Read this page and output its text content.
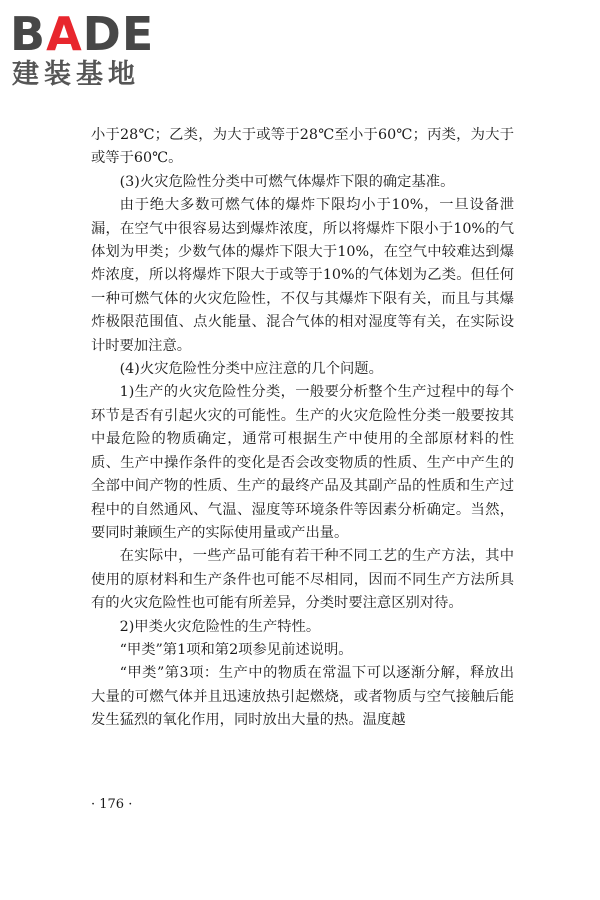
BADE
建装基地

小于28℃；乙类，为大于或等于28℃至小于60℃；丙类，为大于或等于60℃。

(3)火灾危险性分类中可燃气体爆炸下限的确定基准。

由于绝大多数可燃气体的爆炸下限均小于10%，一旦设备泄漏，在空气中很容易达到爆炸浓度，所以将爆炸下限小于10%的气体划为甲类；少数气体的爆炸下限大于10%，在空气中较难达到爆炸浓度，所以将爆炸下限大于或等于10%的气体划为乙类。但任何一种可燃气体的火灾危险性，不仅与其爆炸下限有关，而且与其爆炸极限范围值、点火能量、混合气体的相对湿度等有关，在实际设计时要加注意。

(4)火灾危险性分类中应注意的几个问题。

1)生产的火灾危险性分类，一般要分析整个生产过程中的每个环节是否有引起火灾的可能性。生产的火灾危险性分类一般要按其中最危险的物质确定，通常可根据生产中使用的全部原材料的性质、生产中操作条件的变化是否会改变物质的性质、生产中产生的全部中间产物的性质、生产的最终产品及其副产品的性质和生产过程中的自然通风、气温、湿度等环境条件等因素分析确定。当然，要同时兼顾生产的实际使用量或产出量。

在实际中，一些产品可能有若干种不同工艺的生产方法，其中使用的原材料和生产条件也可能不尽相同，因而不同生产方法所具有的火灾危险性也可能有所差异，分类时要注意区别对待。

2)甲类火灾危险性的生产特性。

“甲类”第1项和第2项参见前述说明。

“甲类”第3项：生产中的物质在常温下可以逐渐分解，释放出大量的可燃气体并且迅速放热引起燃烧，或者物质与空气接触后能发生猛烈的氧化作用，同时放出大量的热。温度越

· 176 ·
